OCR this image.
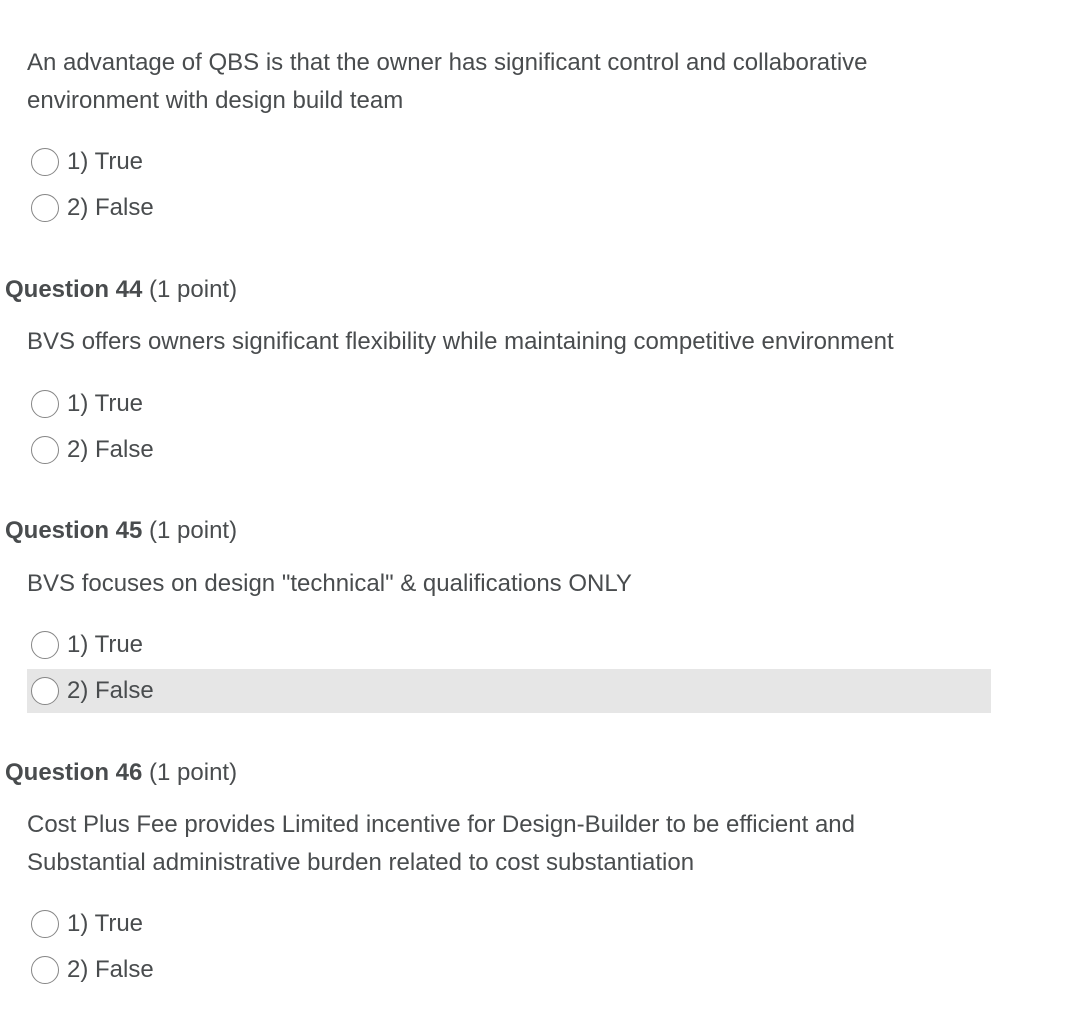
An advantage of QBS is that the owner has significant control and collaborative environment with design build team
1) True
2) False
Question 44 (1 point)
BVS offers owners significant flexibility while maintaining competitive environment
1) True
2) False
Question 45 (1 point)
BVS focuses on design "technical" & qualifications ONLY
1) True
2) False
Question 46 (1 point)
Cost Plus Fee provides Limited incentive for Design-Builder to be efficient and Substantial administrative burden related to cost substantiation
1) True
2) False
